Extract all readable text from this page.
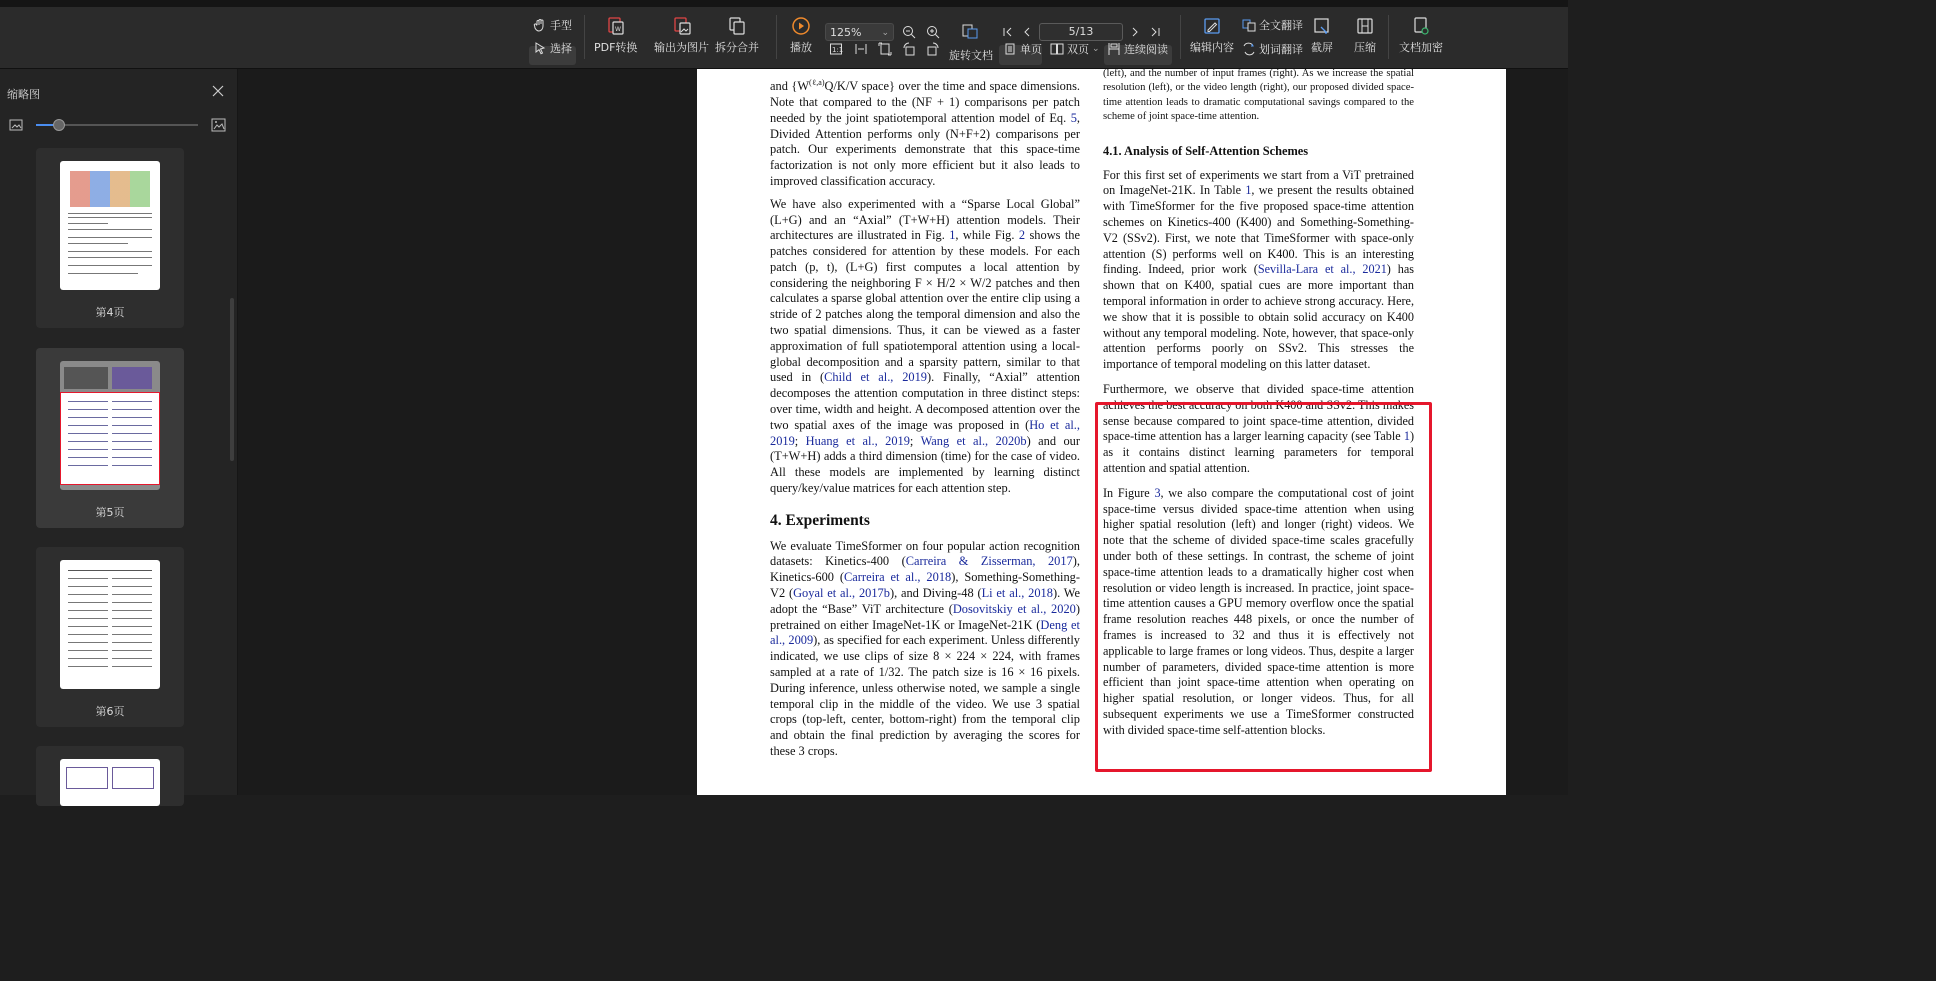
手型
选择
W
PDF转换 输出为图片 拆分合并	播放
125% ⌄
1:1	旋转文档
5/13
单页 双页 ⌄ 连续阅读 编辑内容
全文翻译
划词翻译 截屏 压缩 文档加密
缩略图
第4页
第5页
第6页

and {$W^{(\ell,a)}Q/K/V$ space} over the time and space dimensions. Note that compared to the (NF + 1) comparisons per patch needed by the joint spatiotemporal attention model of Eq. 5, Divided Attention performs only (N+F+2) comparisons per patch. Our experiments demonstrate that this space-time factorization is not only more efficient but it also leads to improved classification accuracy.

We have also experimented with a “Sparse Local Global” (L+G) and an “Axial” (T+W+H) attention models. Their architectures are illustrated in Fig. 1, while Fig. 2 shows the patches considered for attention by these models. For each patch (p, t), (L+G) first computes a local attention by considering the neighboring F × H/2 × W/2 patches and then calculates a sparse global attention over the entire clip using a stride of 2 patches along the temporal dimension and also the two spatial dimensions. Thus, it can be viewed as a faster approximation of full spatiotemporal attention using a local-global decomposition and a sparsity pattern, similar to that used in (Child et al., 2019). Finally, “Axial” attention decomposes the attention computation in three distinct steps: over time, width and height. A decomposed attention over the two spatial axes of the image was proposed in (Ho et al., 2019; Huang et al., 2019; Wang et al., 2020b) and our (T+W+H) adds a third dimension (time) for the case of video. All these models are implemented by learning distinct query/key/value matrices for each attention step.

4. Experiments

We evaluate TimeSformer on four popular action recognition datasets: Kinetics-400 (Carreira & Zisserman, 2017), Kinetics-600 (Carreira et al., 2018), Something-Something-V2 (Goyal et al., 2017b), and Diving-48 (Li et al., 2018). We adopt the “Base” ViT architecture (Dosovitskiy et al., 2020) pretrained on either ImageNet-1K or ImageNet-21K (Deng et al., 2009), as specified for each experiment. Unless differently indicated, we use clips of size 8 × 224 × 224, with frames sampled at a rate of 1/32. The patch size is 16 × 16 pixels. During inference, unless otherwise noted, we sample a single temporal clip in the middle of the video. We use 3 spatial crops (top-left, center, bottom-right) from the temporal clip and obtain the final prediction by averaging the scores for these 3 crops.

(left), and the number of input frames (right). As we increase the spatial resolution (left), or the video length (right), our proposed divided space-time attention leads to dramatic computational savings compared to the scheme of joint space-time attention.

4.1. Analysis of Self-Attention Schemes

For this first set of experiments we start from a ViT pretrained on ImageNet-21K. In Table 1, we present the results obtained with TimeSformer for the five proposed space-time attention schemes on Kinetics-400 (K400) and Something-Something-V2 (SSv2). First, we note that TimeSformer with space-only attention (S) performs well on K400. This is an interesting finding. Indeed, prior work (Sevilla-Lara et al., 2021) has shown that on K400, spatial cues are more important than temporal information in order to achieve strong accuracy. Here, we show that it is possible to obtain solid accuracy on K400 without any temporal modeling. Note, however, that space-only attention performs poorly on SSv2. This stresses the importance of temporal modeling on this latter dataset.

Furthermore, we observe that divided space-time attention achieves the best accuracy on both K400 and SSv2. This makes sense because compared to joint space-time attention, divided space-time attention has a larger learning capacity (see Table 1) as it contains distinct learning parameters for temporal attention and spatial attention.

In Figure 3, we also compare the computational cost of joint space-time versus divided space-time attention when using higher spatial resolution (left) and longer (right) videos. We note that the scheme of divided space-time scales gracefully under both of these settings. In contrast, the scheme of joint space-time attention leads to a dramatically higher cost when resolution or video length is increased. In practice, joint space-time attention causes a GPU memory overflow once the spatial frame resolution reaches 448 pixels, or once the number of frames is increased to 32 and thus it is effectively not applicable to large frames or long videos. Thus, despite a larger number of parameters, divided space-time attention is more efficient than joint space-time attention when operating on higher spatial resolution, or longer videos. Thus, for all subsequent experiments we use a TimeSformer constructed with divided space-time self-attention blocks.
